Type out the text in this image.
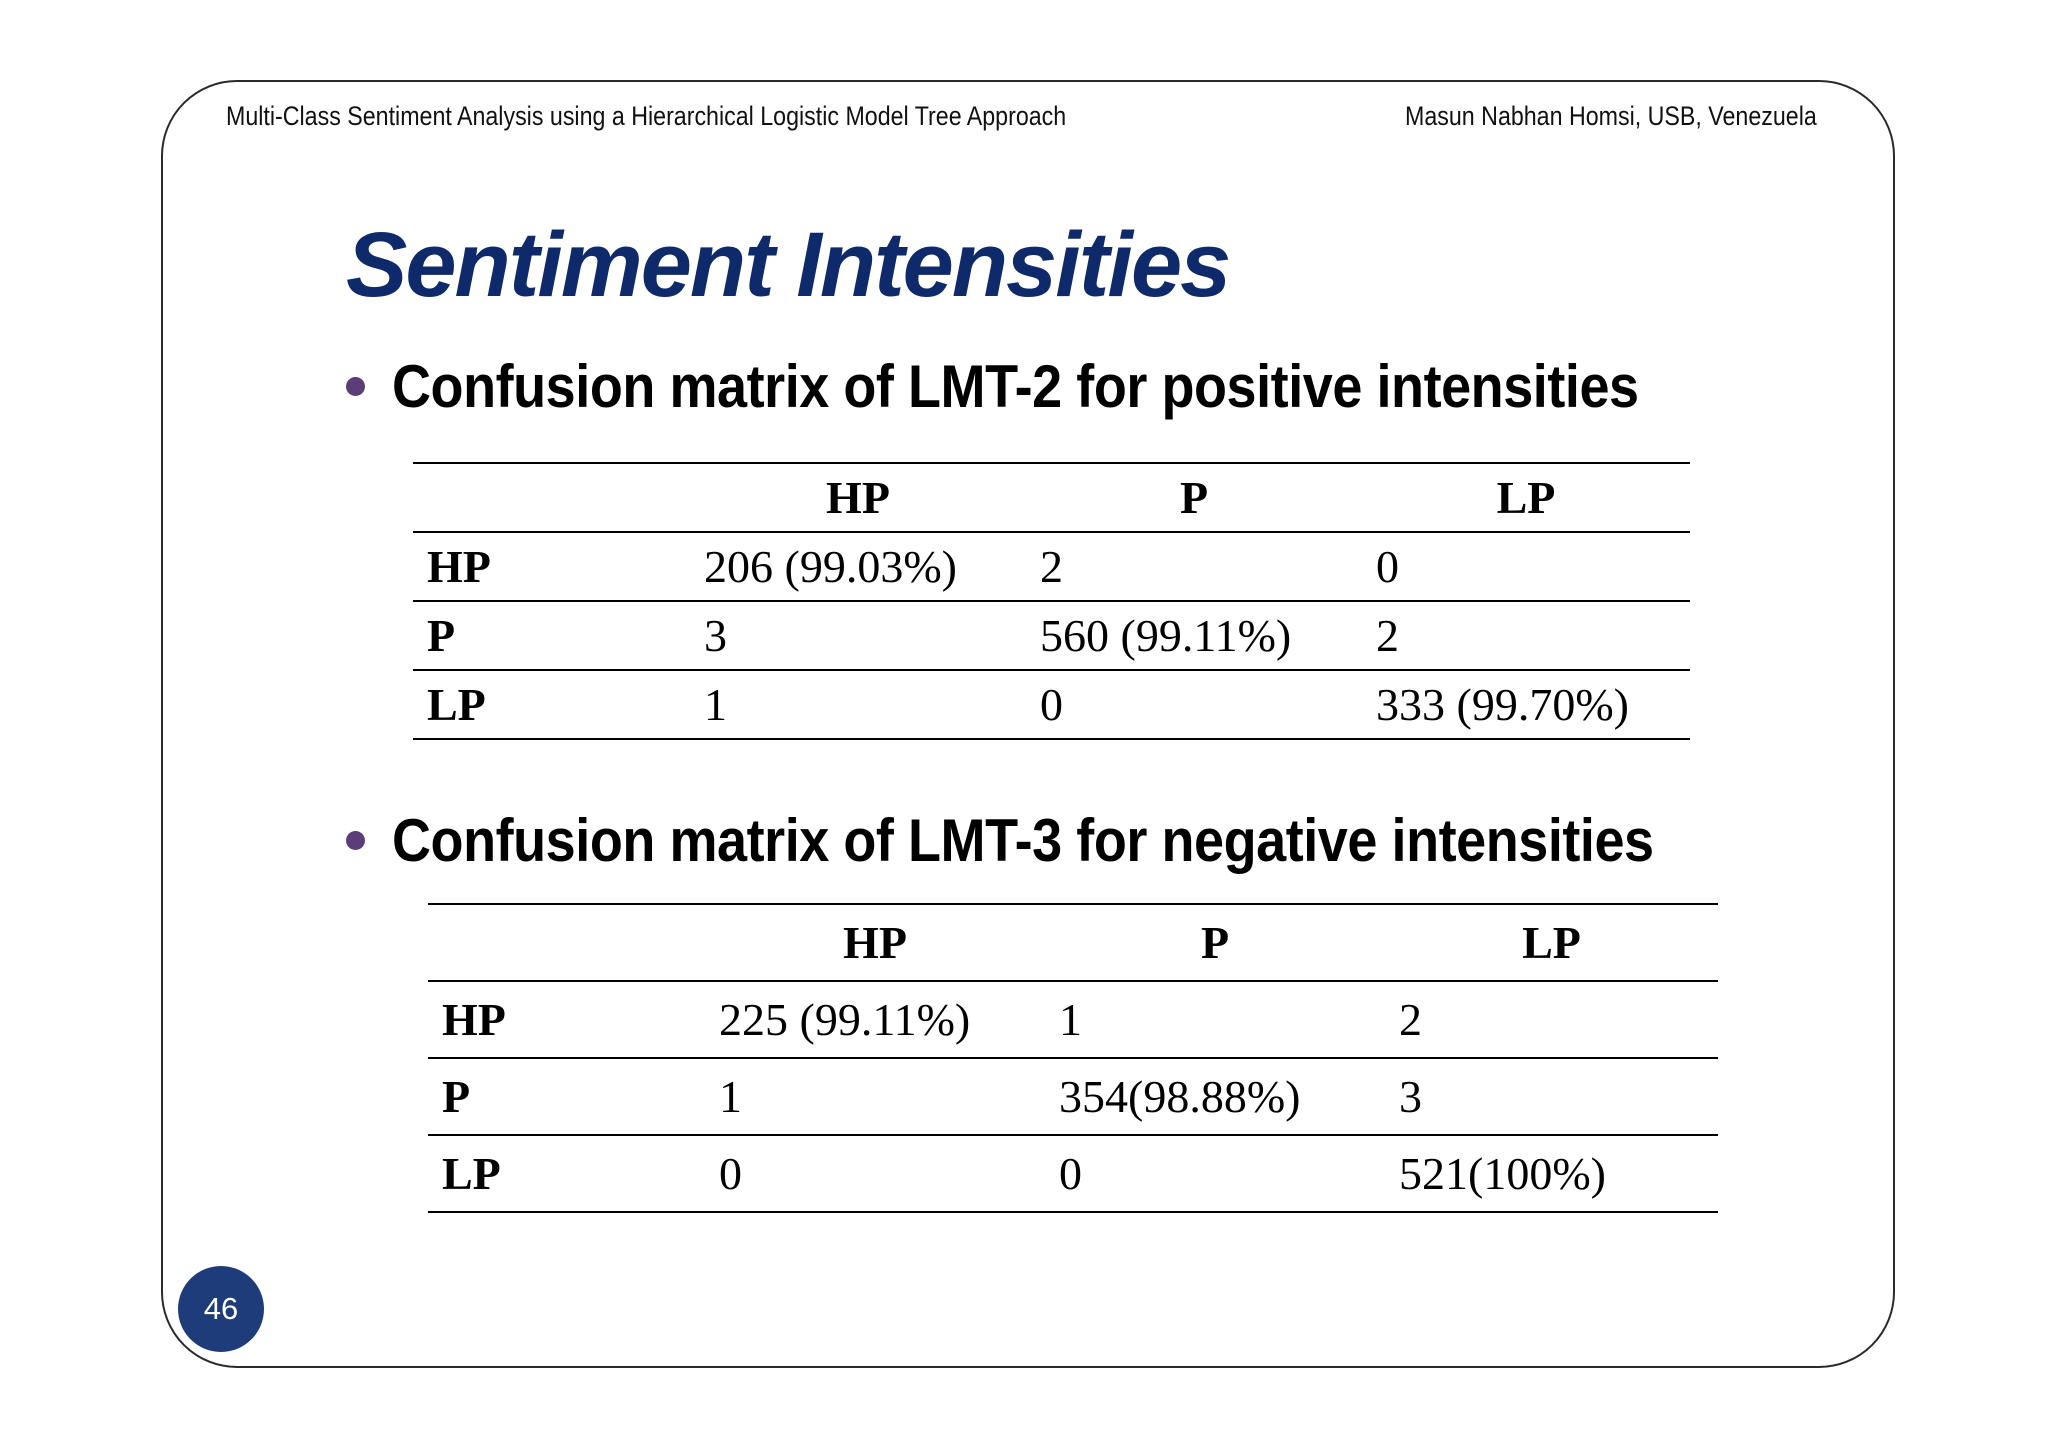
Multi-Class Sentiment Analysis using a Hierarchical Logistic Model Tree Approach	Masun Nabhan Homsi, USB, Venezuela
Sentiment Intensities
Confusion matrix of LMT-2 for positive intensities
	HP	P	LP
HP	206 (99.03%)	2	0
P	3	560 (99.11%)	2
LP	1	0	333 (99.70%)
Confusion matrix of LMT-3 for negative intensities
	HP	P	LP
HP	225 (99.11%)	1	2
P	1	354(98.88%)	3
LP	0	0	521(100%)
46
